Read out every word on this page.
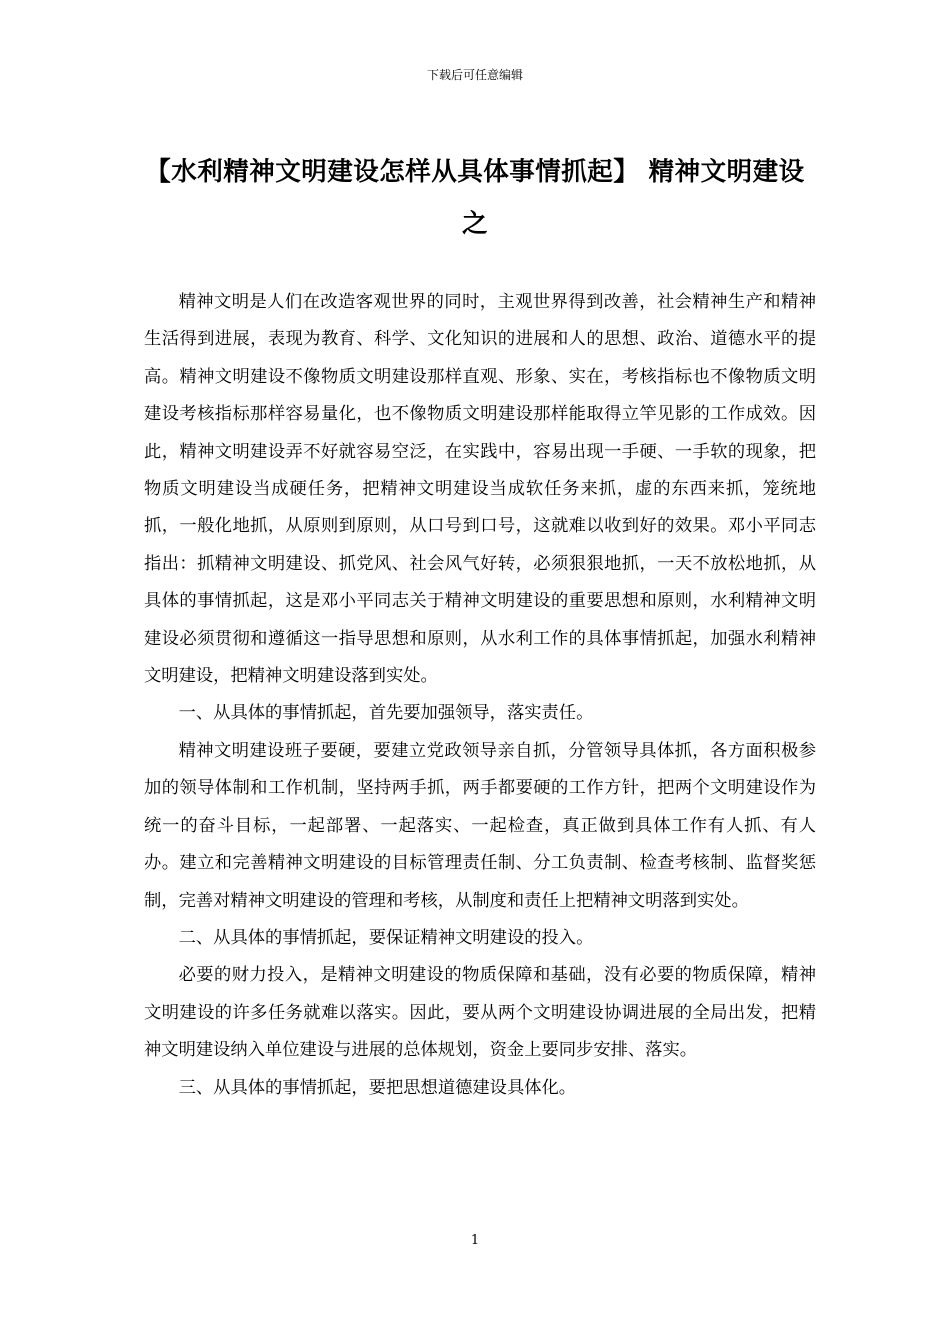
下载后可任意编辑
【水利精神文明建设怎样从具体事情抓起】 精神文明建设
之

精神文明是人们在改造客观世界的同时，主观世界得到改善，社会精神生产和精神生活得到进展，表现为教育、科学、文化知识的进展和人的思想、政治、道德水平的提高。精神文明建设不像物质文明建设那样直观、形象、实在，考核指标也不像物质文明建设考核指标那样容易量化，也不像物质文明建设那样能取得立竿见影的工作成效。因此，精神文明建设弄不好就容易空泛，在实践中，容易出现一手硬、一手软的现象，把物质文明建设当成硬任务，把精神文明建设当成软任务来抓，虚的东西来抓，笼统地抓，一般化地抓，从原则到原则，从口号到口号，这就难以收到好的效果。邓小平同志指出：抓精神文明建设、抓党风、社会风气好转，必须狠狠地抓，一天不放松地抓，从具体的事情抓起，这是邓小平同志关于精神文明建设的重要思想和原则，水利精神文明建设必须贯彻和遵循这一指导思想和原则，从水利工作的具体事情抓起，加强水利精神文明建设，把精神文明建设落到实处。

一、从具体的事情抓起，首先要加强领导，落实责任。

精神文明建设班子要硬，要建立党政领导亲自抓，分管领导具体抓，各方面积极参加的领导体制和工作机制，坚持两手抓，两手都要硬的工作方针，把两个文明建设作为统一的奋斗目标，一起部署、一起落实、一起检查，真正做到具体工作有人抓、有人办。建立和完善精神文明建设的目标管理责任制、分工负责制、检查考核制、监督奖惩制，完善对精神文明建设的管理和考核，从制度和责任上把精神文明落到实处。

二、从具体的事情抓起，要保证精神文明建设的投入。

必要的财力投入，是精神文明建设的物质保障和基础，没有必要的物质保障，精神文明建设的许多任务就难以落实。因此，要从两个文明建设协调进展的全局出发，把精神文明建设纳入单位建设与进展的总体规划，资金上要同步安排、落实。

三、从具体的事情抓起，要把思想道德建设具体化。

1
